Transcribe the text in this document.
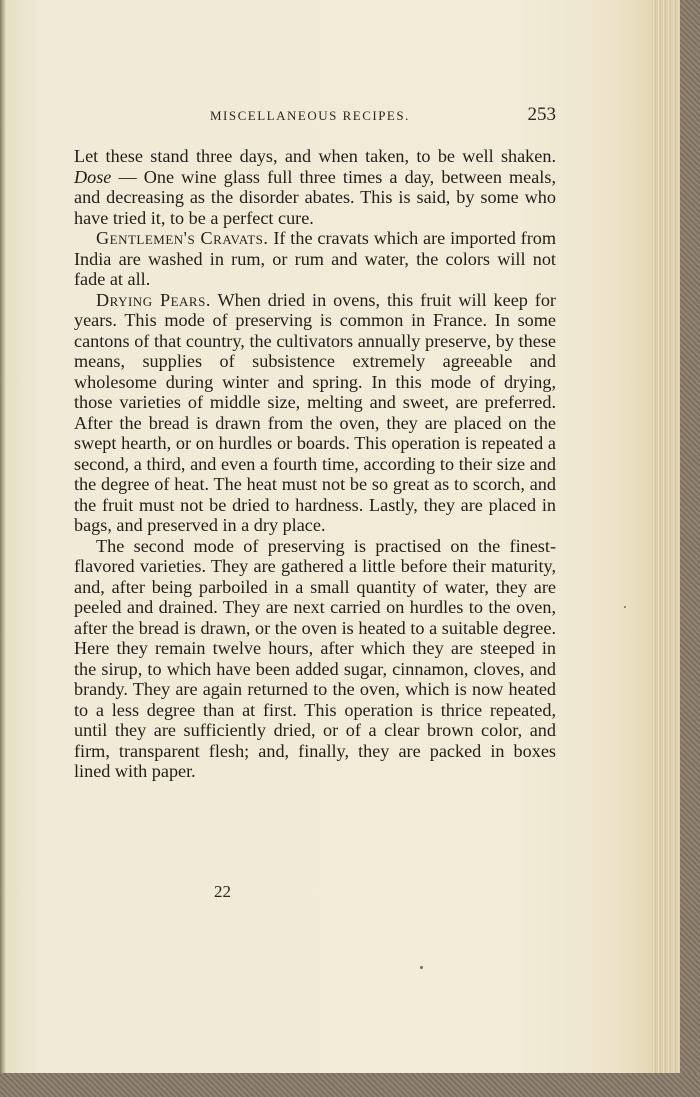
MISCELLANEOUS RECIPES.	253

Let these stand three days, and when taken, to be well shaken. Dose — One wine glass full three times a day, between meals, and decreasing as the disorder abates. This is said, by some who have tried it, to be a perfect cure.

Gentlemen's Cravats. If the cravats which are imported from India are washed in rum, or rum and water, the colors will not fade at all.

Drying Pears. When dried in ovens, this fruit will keep for years. This mode of preserving is common in France. In some cantons of that country, the cultivators annually preserve, by these means, supplies of subsistence extremely agreeable and wholesome during winter and spring. In this mode of drying, those varieties of middle size, melting and sweet, are preferred. After the bread is drawn from the oven, they are placed on the swept hearth, or on hurdles or boards. This operation is repeated a second, a third, and even a fourth time, according to their size and the degree of heat. The heat must not be so great as to scorch, and the fruit must not be dried to hardness. Lastly, they are placed in bags, and preserved in a dry place.

The second mode of preserving is practised on the finest-flavored varieties. They are gathered a little before their maturity, and, after being parboiled in a small quantity of water, they are peeled and drained. They are next carried on hurdles to the oven, after the bread is drawn, or the oven is heated to a suitable degree. Here they remain twelve hours, after which they are steeped in the sirup, to which have been added sugar, cinnamon, cloves, and brandy. They are again returned to the oven, which is now heated to a less degree than at first. This operation is thrice repeated, until they are sufficiently dried, or of a clear brown color, and firm, transparent flesh; and, finally, they are packed in boxes lined with paper.

22
